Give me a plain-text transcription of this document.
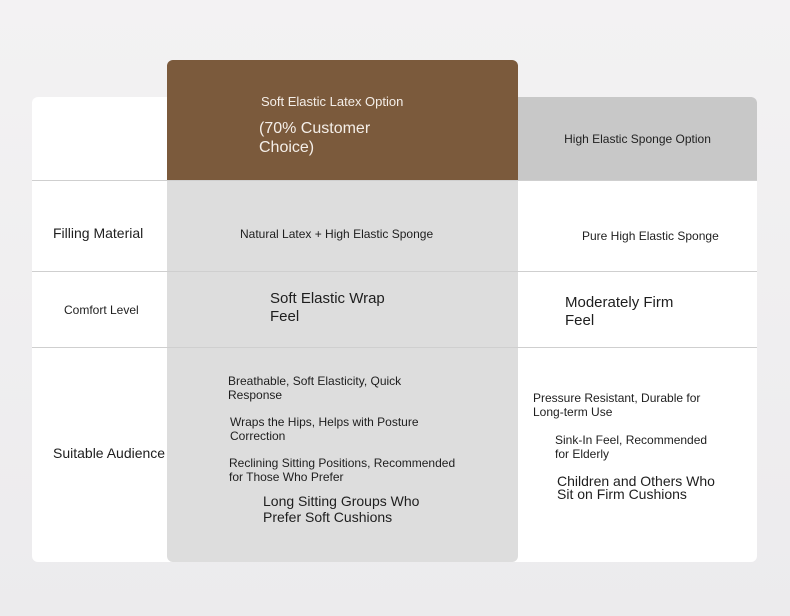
High Elastic Sponge Option
Soft Elastic Latex Option
(70% Customer Choice)
Filling Material	Natural Latex + High Elastic Sponge	Pure High Elastic Sponge
Comfort Level
Soft Elastic Wrap Feel
Moderately Firm Feel
Suitable Audience
Breathable, Soft Elasticity, Quick Response
Wraps the Hips, Helps with Posture Correction
Reclining Sitting Positions, Recommended for Those Who Prefer
Long Sitting Groups Who Prefer Soft Cushions
Pressure Resistant, Durable for Long-term Use
Sink-In Feel, Recommended for Elderly
Children and Others Who Sit on Firm Cushions
